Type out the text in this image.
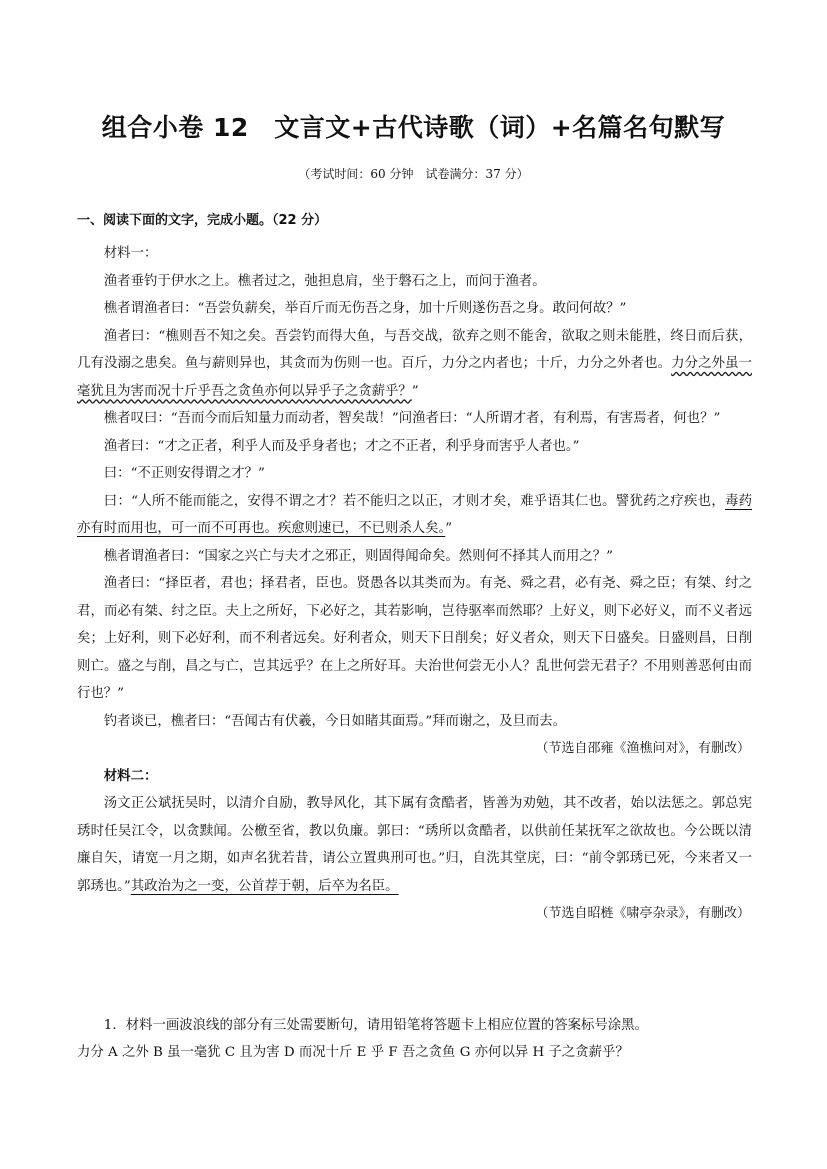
组合小卷 12　文言文+古代诗歌（词）+名篇名句默写
（考试时间：60 分钟　试卷满分：37 分）
一、阅读下面的文字，完成小题。（22 分）

材料一：

渔者垂钓于伊水之上。樵者过之，弛担息肩，坐于磐石之上，而问于渔者。

樵者谓渔者曰：“吾尝负薪矣，举百斤而无伤吾之身，加十斤则遂伤吾之身。敢问何故？”

渔者曰：“樵则吾不知之矣。吾尝钓而得大鱼，与吾交战，欲弃之则不能舍，欲取之则未能胜，终日而后获，几有没溺之患矣。鱼与薪则异也，其贪而为伤则一也。百斤，力分之内者也；十斤，力分之外者也。力分之外虽一毫犹且为害而况十斤乎吾之贪鱼亦何以异乎子之贪薪乎？”

樵者叹曰：“吾而今而后知量力而动者，智矣哉！”问渔者曰：“人所谓才者，有利焉，有害焉者，何也？”

渔者曰：“才之正者，利乎人而及乎身者也；才之不正者，利乎身而害乎人者也。”

曰：“不正则安得谓之才？”

曰：“人所不能而能之，安得不谓之才？若不能归之以正，才则才矣，难乎语其仁也。譬犹药之疗疾也，毒药亦有时而用也，可一而不可再也。疾愈则速已，不已则杀人矣。”

樵者谓渔者曰：“国家之兴亡与夫才之邪正，则固得闻命矣。然则何不择其人而用之？”

渔者曰：“择臣者，君也；择君者，臣也。贤愚各以其类而为。有尧、舜之君，必有尧、舜之臣；有桀、纣之君，而必有桀、纣之臣。夫上之所好，下必好之，其若影响，岂待驱率而然耶？上好义，则下必好义，而不义者远矣；上好利，则下必好利，而不利者远矣。好利者众，则天下日削矣；好义者众，则天下日盛矣。日盛则昌，日削则亡。盛之与削，昌之与亡，岂其远乎？在上之所好耳。夫治世何尝无小人？乱世何尝无君子？不用则善恶何由而行也？”

钓者谈已，樵者曰：“吾闻古有伏羲，今日如睹其面焉。”拜而谢之，及旦而去。

（节选自邵雍《渔樵问对》，有删改）

材料二：

汤文正公斌抚吴时，以清介自励，教导风化，其下属有贪酷者，皆善为劝勉，其不改者，始以法惩之。郭总宪琇时任吴江令，以贪黩闻。公檄至省，教以负廉。郭曰：“琇所以贪酷者，以供前任某抚军之欲故也。今公既以清廉自矢，请宽一月之期，如声名犹若昔，请公立置典刑可也。”归，自洗其堂庑，曰：“前令郭琇已死，今来者又一郭琇也。”其政治为之一变，公首荐于朝，后卒为名臣。

（节选自昭梿《啸亭杂录》，有删改）

1．材料一画波浪线的部分有三处需要断句，请用铅笔将答题卡上相应位置的答案标号涂黑。

力分 A 之外 B 虽一毫犹 C 且为害 D 而况十斤 E 乎 F 吾之贪鱼 G 亦何以异 H 子之贪薪乎？
